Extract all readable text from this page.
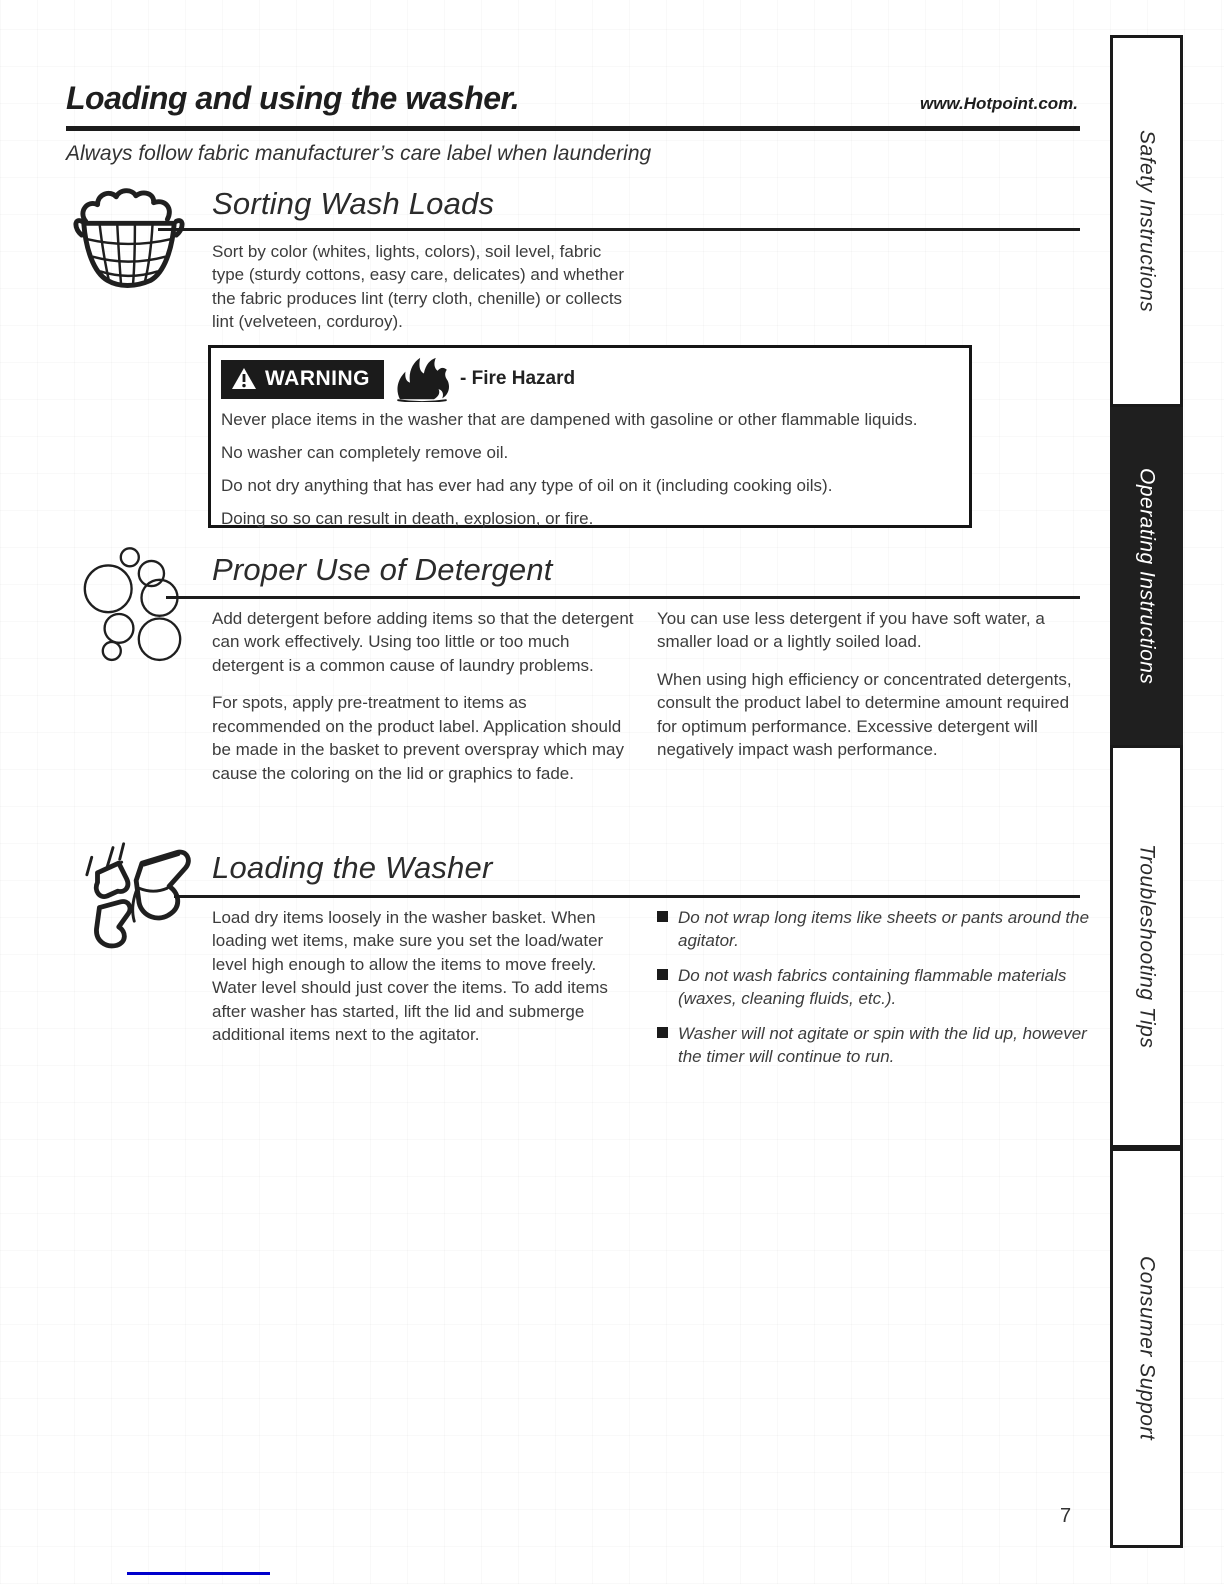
Loading and using the washer.	www.Hotpoint.com.
Always follow fabric manufacturer’s care label when laundering
Sorting Wash Loads
Sort by color (whites, lights, colors), soil level, fabric type (sturdy cottons, easy care, delicates) and whether the fabric produces lint (terry cloth, chenille) or collects lint (velveteen, corduroy).
WARNING	- Fire Hazard
Never place items in the washer that are dampened with gasoline or other flammable liquids.
No washer can completely remove oil.
Do not dry anything that has ever had any type of oil on it (including cooking oils).
Doing so so can result in death, explosion, or fire.
Proper Use of Detergent

Add detergent before adding items so that the detergent can work effectively. Using too little or too much detergent is a common cause of laundry problems.

For spots, apply pre-treatment to items as recommended on the product label. Application should be made in the basket to prevent overspray which may cause the coloring on the lid or graphics to fade.

You can use less detergent if you have soft water, a smaller load or a lightly soiled load.

When using high efficiency or concentrated detergents, consult the product label to determine amount required for optimum performance. Excessive detergent will negatively impact wash performance.

Loading the Washer
Load dry items loosely in the washer basket. When loading wet items, make sure you set the load/water level high enough to allow the items to move freely. Water level should just cover the items. To add items after washer has started, lift the lid and submerge additional items next to the agitator.
Do not wrap long items like sheets or pants around the agitator.
Do not wash fabrics containing flammable materials (waxes, cleaning fluids, etc.).
Washer will not agitate or spin with the lid up, however the timer will continue to run.
Safety Instructions
Operating Instructions
Troubleshooting Tips
Consumer Support
7
